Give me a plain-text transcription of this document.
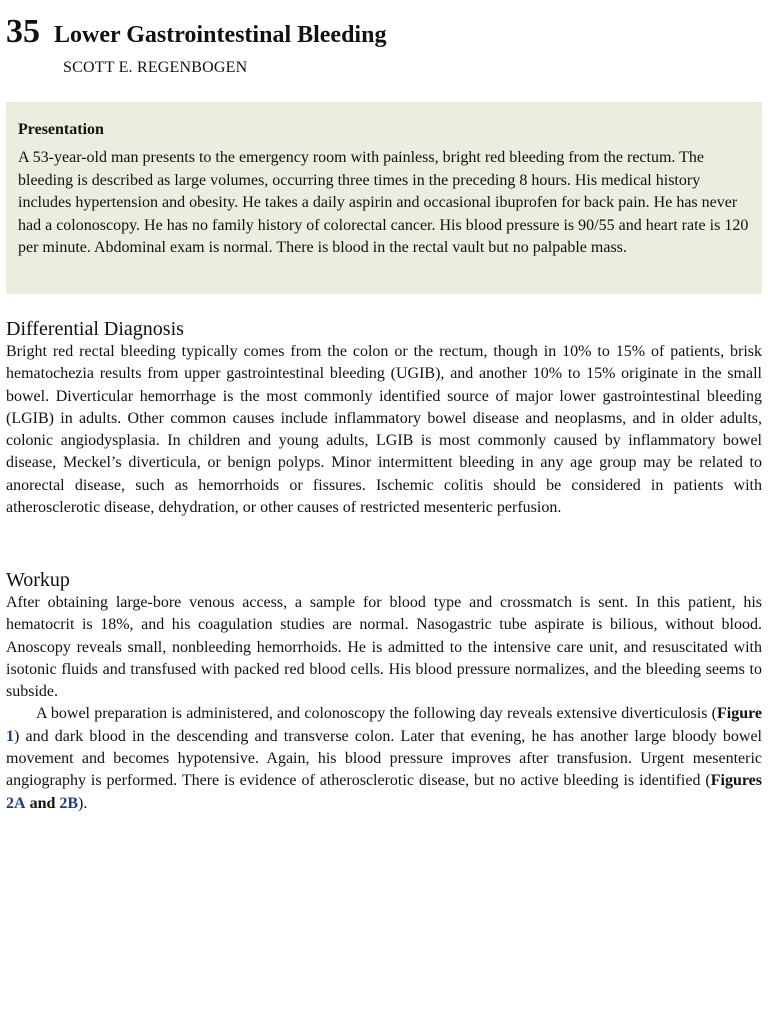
35 Lower Gastrointestinal Bleeding
SCOTT E. REGENBOGEN
Presentation

A 53-year-old man presents to the emergency room with painless, bright red bleeding from the rectum. The bleeding is described as large volumes, occurring three times in the preceding 8 hours. His medical history includes hypertension and obesity. He takes a daily aspirin and occasional ibuprofen for back pain. He has never had a colonoscopy. He has no family history of colorectal cancer. His blood pressure is 90/55 and heart rate is 120 per minute. Abdominal exam is normal. There is blood in the rectal vault but no palpable mass.

Differential Diagnosis

Bright red rectal bleeding typically comes from the colon or the rectum, though in 10% to 15% of patients, brisk hematochezia results from upper gastrointestinal bleeding (UGIB), and another 10% to 15% originate in the small bowel. Diverticular hemorrhage is the most commonly identified source of major lower gastrointestinal bleeding (LGIB) in adults. Other common causes include inflammatory bowel disease and neoplasms, and in older adults, colonic angiodysplasia. In children and young adults, LGIB is most commonly caused by inflammatory bowel disease, Meckel’s diverticula, or benign polyps. Minor intermittent bleeding in any age group may be related to anorectal disease, such as hemorrhoids or fissures. Ischemic colitis should be considered in patients with atherosclerotic disease, dehydration, or other causes of restricted mesenteric perfusion.

Workup

After obtaining large-bore venous access, a sample for blood type and crossmatch is sent. In this patient, his hematocrit is 18%, and his coagulation studies are normal. Nasogastric tube aspirate is bilious, without blood. Anoscopy reveals small, nonbleeding hemorrhoids. He is admitted to the intensive care unit, and resuscitated with isotonic fluids and transfused with packed red blood cells. His blood pressure normalizes, and the bleeding seems to subside.

A bowel preparation is administered, and colonoscopy the following day reveals extensive diverticulosis (Figure 1) and dark blood in the descending and transverse colon. Later that evening, he has another large bloody bowel movement and becomes hypotensive. Again, his blood pressure improves after transfusion. Urgent mesenteric angiography is performed. There is evidence of atherosclerotic disease, but no active bleeding is identified (Figures 2A and 2B).
